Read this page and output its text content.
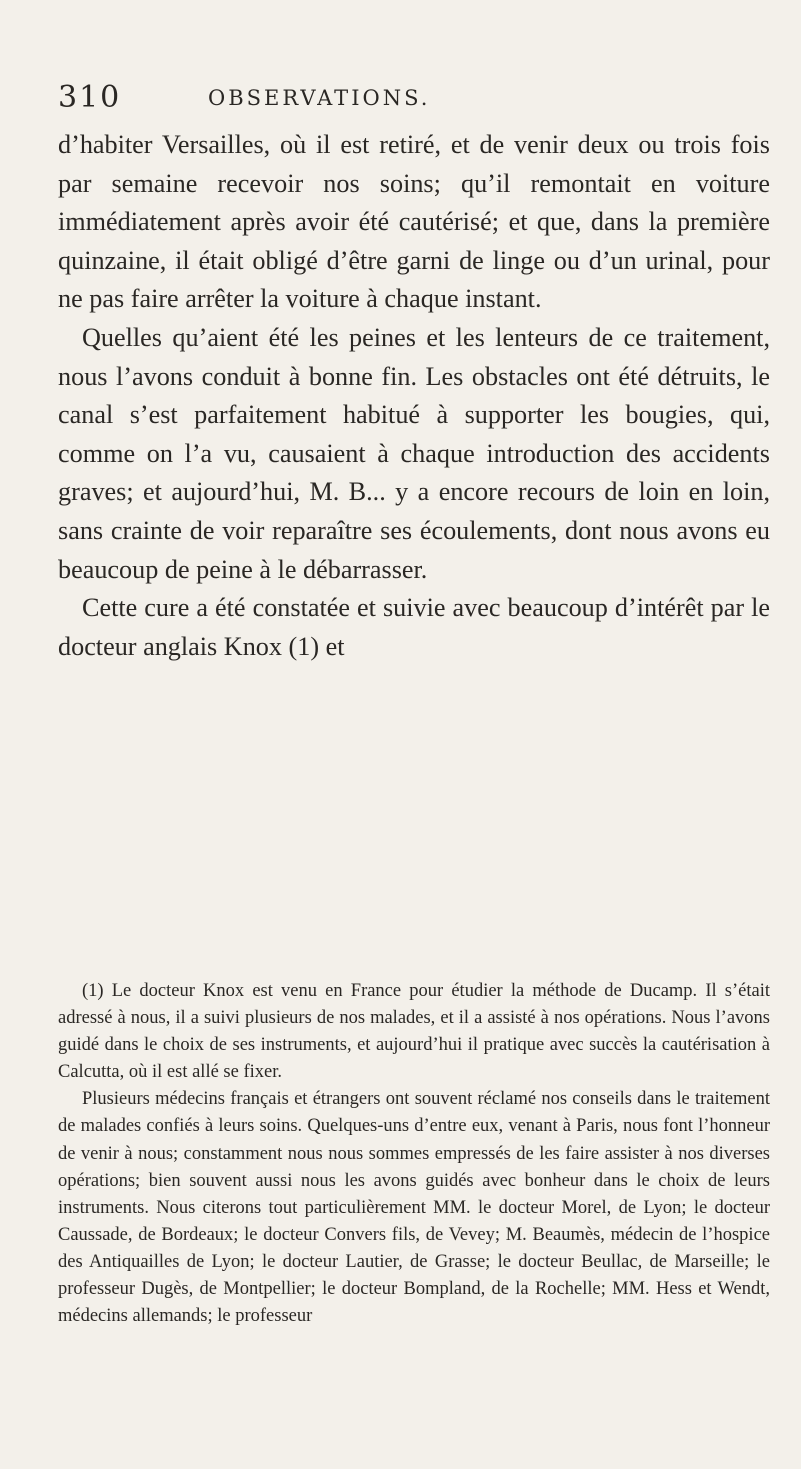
310	OBSERVATIONS.

d’habiter Versailles, où il est retiré, et de venir deux ou trois fois par semaine recevoir nos soins; qu’il remontait en voiture immédiatement après avoir été cautérisé; et que, dans la première quinzaine, il était obligé d’être garni de linge ou d’un urinal, pour ne pas faire arrêter la voiture à chaque instant.

Quelles qu’aient été les peines et les lenteurs de ce traitement, nous l’avons conduit à bonne fin. Les obstacles ont été détruits, le canal s’est parfaitement habitué à supporter les bougies, qui, comme on l’a vu, causaient à chaque introduction des accidents graves; et aujourd’hui, M. B... y a encore recours de loin en loin, sans crainte de voir reparaître ses écoulements, dont nous avons eu beaucoup de peine à le débarrasser.

Cette cure a été constatée et suivie avec beaucoup d’intérêt par le docteur anglais Knox (1) et

(1) Le docteur Knox est venu en France pour étudier la méthode de Ducamp. Il s’était adressé à nous, il a suivi plusieurs de nos malades, et il a assisté à nos opérations. Nous l’avons guidé dans le choix de ses instruments, et aujourd’hui il pratique avec succès la cautérisation à Calcutta, où il est allé se fixer.

Plusieurs médecins français et étrangers ont souvent réclamé nos conseils dans le traitement de malades confiés à leurs soins. Quelques-uns d’entre eux, venant à Paris, nous font l’honneur de venir à nous; constamment nous nous sommes empressés de les faire assister à nos diverses opérations; bien souvent aussi nous les avons guidés avec bonheur dans le choix de leurs instruments. Nous citerons tout particulièrement MM. le docteur Morel, de Lyon; le docteur Caussade, de Bordeaux; le docteur Convers fils, de Vevey; M. Beaumès, médecin de l’hospice des Antiquailles de Lyon; le docteur Lautier, de Grasse; le docteur Beullac, de Marseille; le professeur Dugès, de Montpellier; le docteur Bompland, de la Rochelle; MM. Hess et Wendt, médecins allemands; le professeur
